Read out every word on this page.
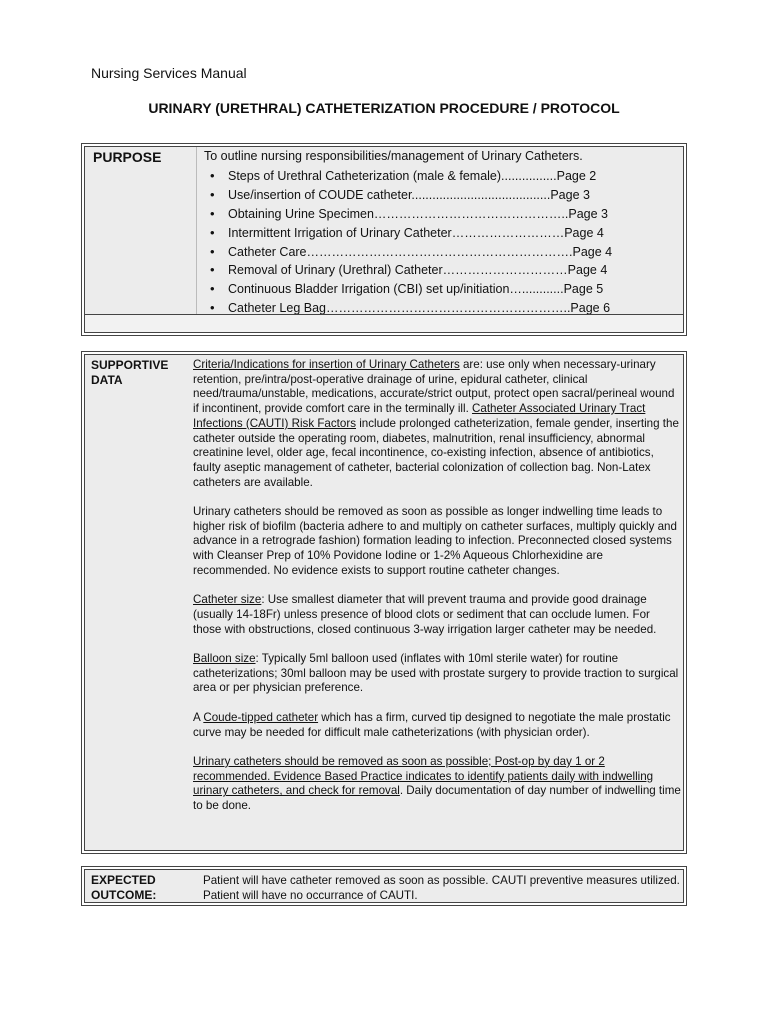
Nursing Services Manual
URINARY (URETHRAL) CATHETERIZATION PROCEDURE / PROTOCOL
PURPOSE	To outline nursing responsibilities/management of Urinary Catheters.
• Steps of Urethral Catheterization (male & female)................Page 2
• Use/insertion of COUDE catheter........................................Page 3
• Obtaining Urine Specimen………………………………………..Page 3
• Intermittent Irrigation of Urinary Catheter………………………Page 4
• Catheter Care……………………………………………………….Page 4
• Removal of Urinary (Urethral) Catheter…………………………Page 4
• Continuous Bladder Irrigation (CBI) set up/initiation…............Page 5
• Catheter Leg Bag…………………………………………………..Page 6
SUPPORTIVE DATA

Criteria/Indications for insertion of Urinary Catheters are: use only when necessary-urinary retention, pre/intra/post-operative drainage of urine, epidural catheter, clinical need/trauma/unstable, medications, accurate/strict output, protect open sacral/perineal wound if incontinent, provide comfort care in the terminally ill. Catheter Associated Urinary Tract Infections (CAUTI) Risk Factors include prolonged catheterization, female gender, inserting the catheter outside the operating room, diabetes, malnutrition, renal insufficiency, abnormal creatinine level, older age, fecal incontinence, co-existing infection, absence of antibiotics, faulty aseptic management of catheter, bacterial colonization of collection bag. Non-Latex catheters are available.

Urinary catheters should be removed as soon as possible as longer indwelling time leads to higher risk of biofilm (bacteria adhere to and multiply on catheter surfaces, multiply quickly and advance in a retrograde fashion) formation leading to infection. Preconnected closed systems with Cleanser Prep of 10% Povidone Iodine or 1-2% Aqueous Chlorhexidine are recommended. No evidence exists to support routine catheter changes.

Catheter size: Use smallest diameter that will prevent trauma and provide good drainage (usually 14-18Fr) unless presence of blood clots or sediment that can occlude lumen. For those with obstructions, closed continuous 3-way irrigation larger catheter may be needed.

Balloon size: Typically 5ml balloon used (inflates with 10ml sterile water) for routine catheterizations; 30ml balloon may be used with prostate surgery to provide traction to surgical area or per physician preference.

A Coude-tipped catheter which has a firm, curved tip designed to negotiate the male prostatic curve may be needed for difficult male catheterizations (with physician order).

Urinary catheters should be removed as soon as possible; Post-op by day 1 or 2 recommended. Evidence Based Practice indicates to identify patients daily with indwelling urinary catheters, and check for removal. Daily documentation of day number of indwelling time to be done.

EXPECTED OUTCOME:
Patient will have catheter removed as soon as possible. CAUTI preventive measures utilized. Patient will have no occurrance of CAUTI.
